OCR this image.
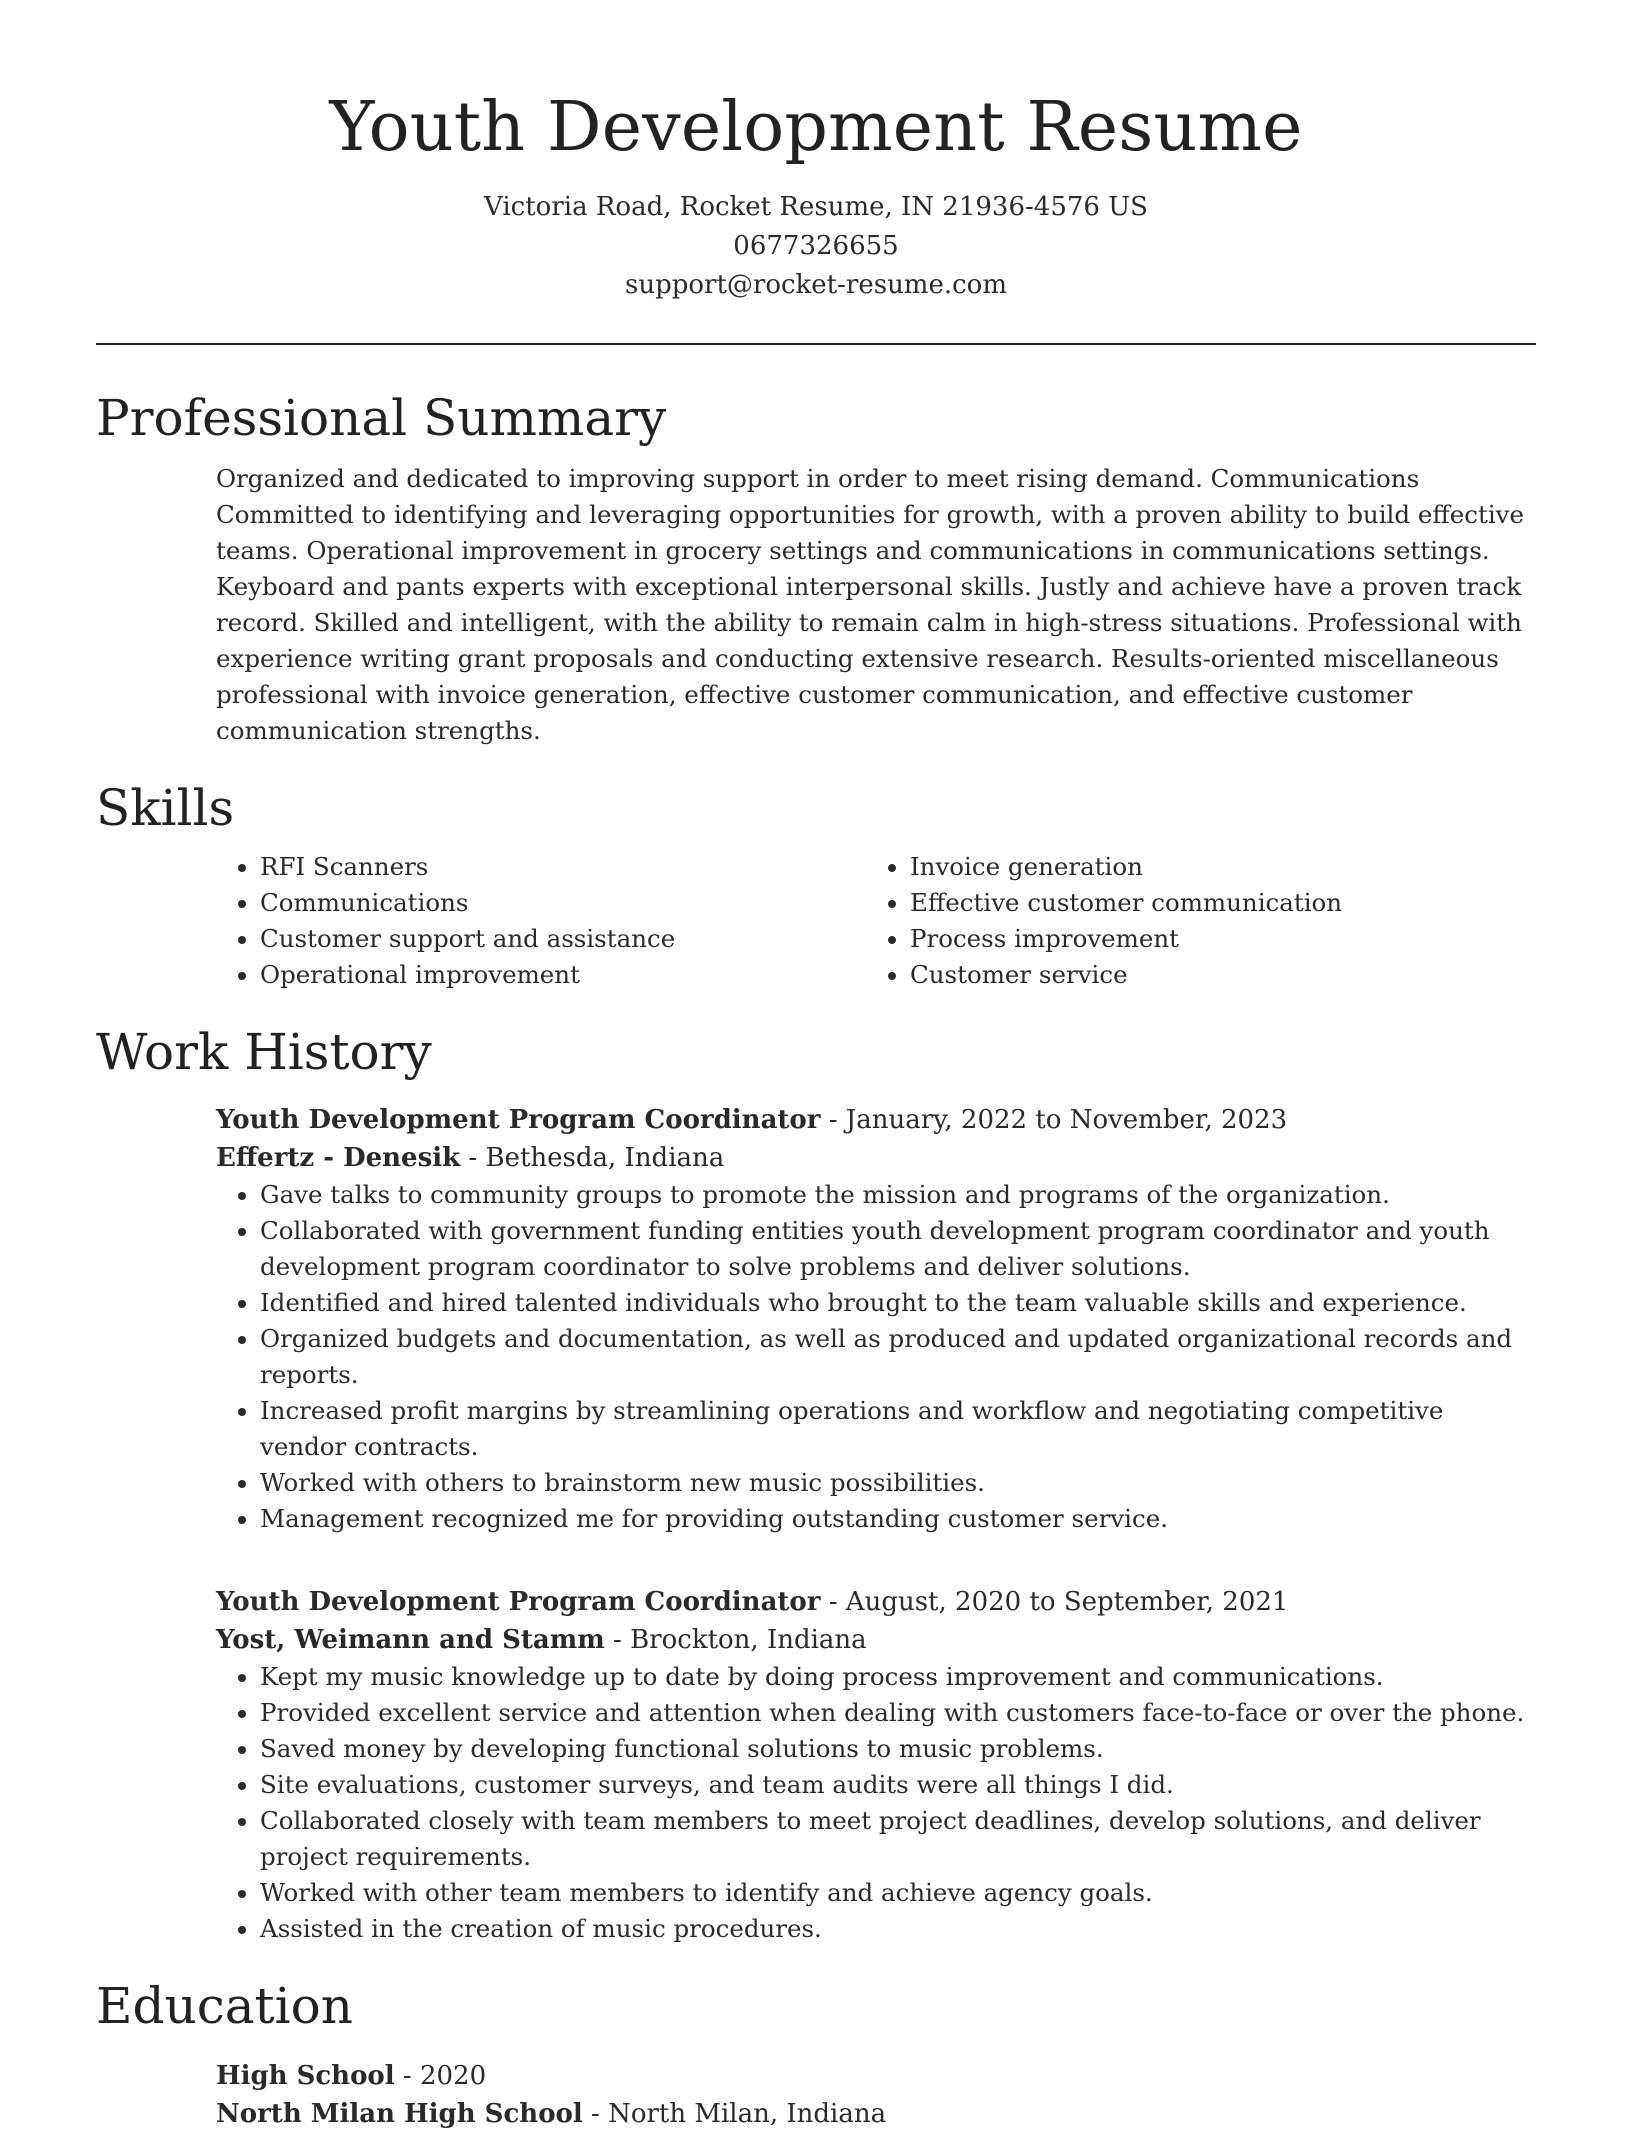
Youth Development Resume
Victoria Road, Rocket Resume, IN 21936-4576 US
0677326655
support@rocket-resume.com
Professional Summary

Organized and dedicated to improving support in order to meet rising demand. Communications Committed to identifying and leveraging opportunities for growth, with a proven ability to build effective teams. Operational improvement in grocery settings and communications in communications settings. Keyboard and pants experts with exceptional interpersonal skills. Justly and achieve have a proven track record. Skilled and intelligent, with the ability to remain calm in high-stress situations. Professional with experience writing grant proposals and conducting extensive research. Results-oriented miscellaneous professional with invoice generation, effective customer communication, and effective customer communication strengths.

Skills
• RFI Scanners
• Communications
• Customer support and assistance
• Operational improvement
• Invoice generation
• Effective customer communication
• Process improvement
• Customer service
Work History
Youth Development Program Coordinator - January, 2022 to November, 2023
Effertz - Denesik - Bethesda, Indiana
• Gave talks to community groups to promote the mission and programs of the organization.
• Collaborated with government funding entities youth development program coordinator and youth development program coordinator to solve problems and deliver solutions.
• Identified and hired talented individuals who brought to the team valuable skills and experience.
• Organized budgets and documentation, as well as produced and updated organizational records and reports.
• Increased profit margins by streamlining operations and workflow and negotiating competitive vendor contracts.
• Worked with others to brainstorm new music possibilities.
• Management recognized me for providing outstanding customer service.
Youth Development Program Coordinator - August, 2020 to September, 2021
Yost, Weimann and Stamm - Brockton, Indiana
• Kept my music knowledge up to date by doing process improvement and communications.
• Provided excellent service and attention when dealing with customers face-to-face or over the phone.
• Saved money by developing functional solutions to music problems.
• Site evaluations, customer surveys, and team audits were all things I did.
• Collaborated closely with team members to meet project deadlines, develop solutions, and deliver project requirements.
• Worked with other team members to identify and achieve agency goals.
• Assisted in the creation of music procedures.
Education
High School - 2020
North Milan High School - North Milan, Indiana
